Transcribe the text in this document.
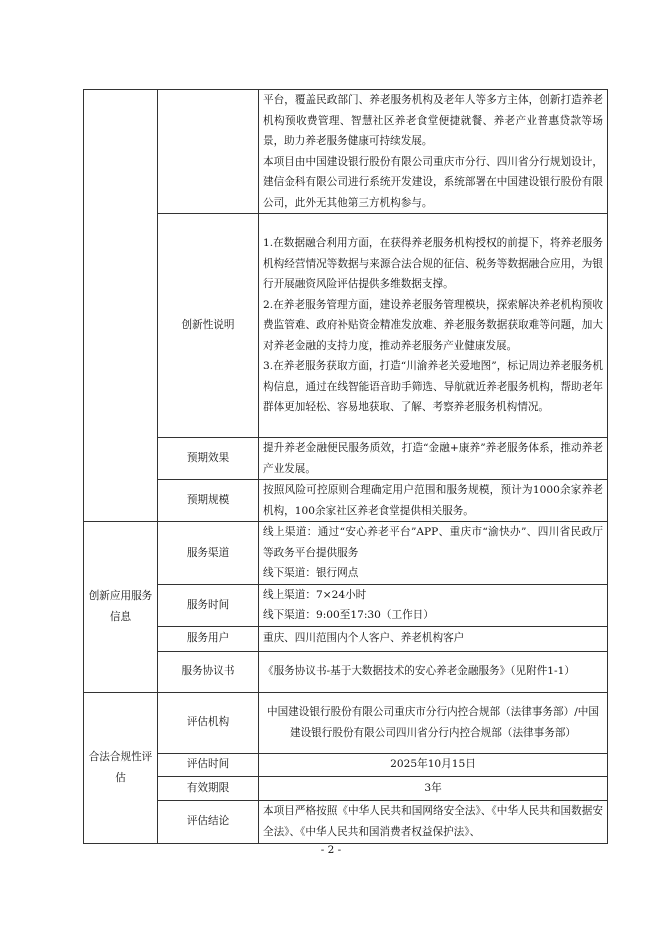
		平台，覆盖民政部门、养老服务机构及老年人等多方主体，创新打造养老机构预收费管理、智慧社区养老食堂便捷就餐、养老产业普惠贷款等场景，助力养老服务健康可持续发展。
本项目由中国建设银行股份有限公司重庆市分行、四川省分行规划设计，建信金科有限公司进行系统开发建设，系统部署在中国建设银行股份有限公司，此外无其他第三方机构参与。

	创新性说明	1.在数据融合利用方面，在获得养老服务机构授权的前提下，将养老服务机构经营情况等数据与来源合法合规的征信、税务等数据融合应用，为银行开展融资风险评估提供多维数据支撑。
2.在养老服务管理方面，建设养老服务管理模块，探索解决养老机构预收费监管难、政府补贴资金精准发放难、养老服务数据获取难等问题，加大对养老金融的支持力度，推动养老服务产业健康发展。
3.在养老服务获取方面，打造“川渝养老关爱地图”，标记周边养老服务机构信息，通过在线智能语音助手筛选、导航就近养老服务机构，帮助老年群体更加轻松、容易地获取、了解、考察养老服务机构情况。

	预期效果	提升养老金融便民服务质效，打造“金融+康养”养老服务体系，推动养老产业发展。
	预期规模	按照风险可控原则合理确定用户范围和服务规模，预计为1000余家养老机构，100余家社区养老食堂提供相关服务。
创新应用服务信息	服务渠道	线上渠道：通过“安心养老平台”APP、重庆市“渝快办”、四川省民政厅等政务平台提供服务
线下渠道：银行网点

	服务时间	线上渠道：7×24小时
线下渠道：9:00至17:30（工作日）

	服务用户	重庆、四川范围内个人客户、养老机构客户
	服务协议书	《服务协议书-基于大数据技术的安心养老金融服务》（见附件1-1）
合法合规性评估	评估机构	中国建设银行股份有限公司重庆市分行内控合规部（法律事务部）/中国建设银行股份有限公司四川省分行内控合规部（法律事务部）
	评估时间	2025年10月15日
	有效期限	3年
	评估结论	本项目严格按照《中华人民共和国网络安全法》、《中华人民共和国数据安全法》、《中华人民共和国消费者权益保护法》、
- 2 -
